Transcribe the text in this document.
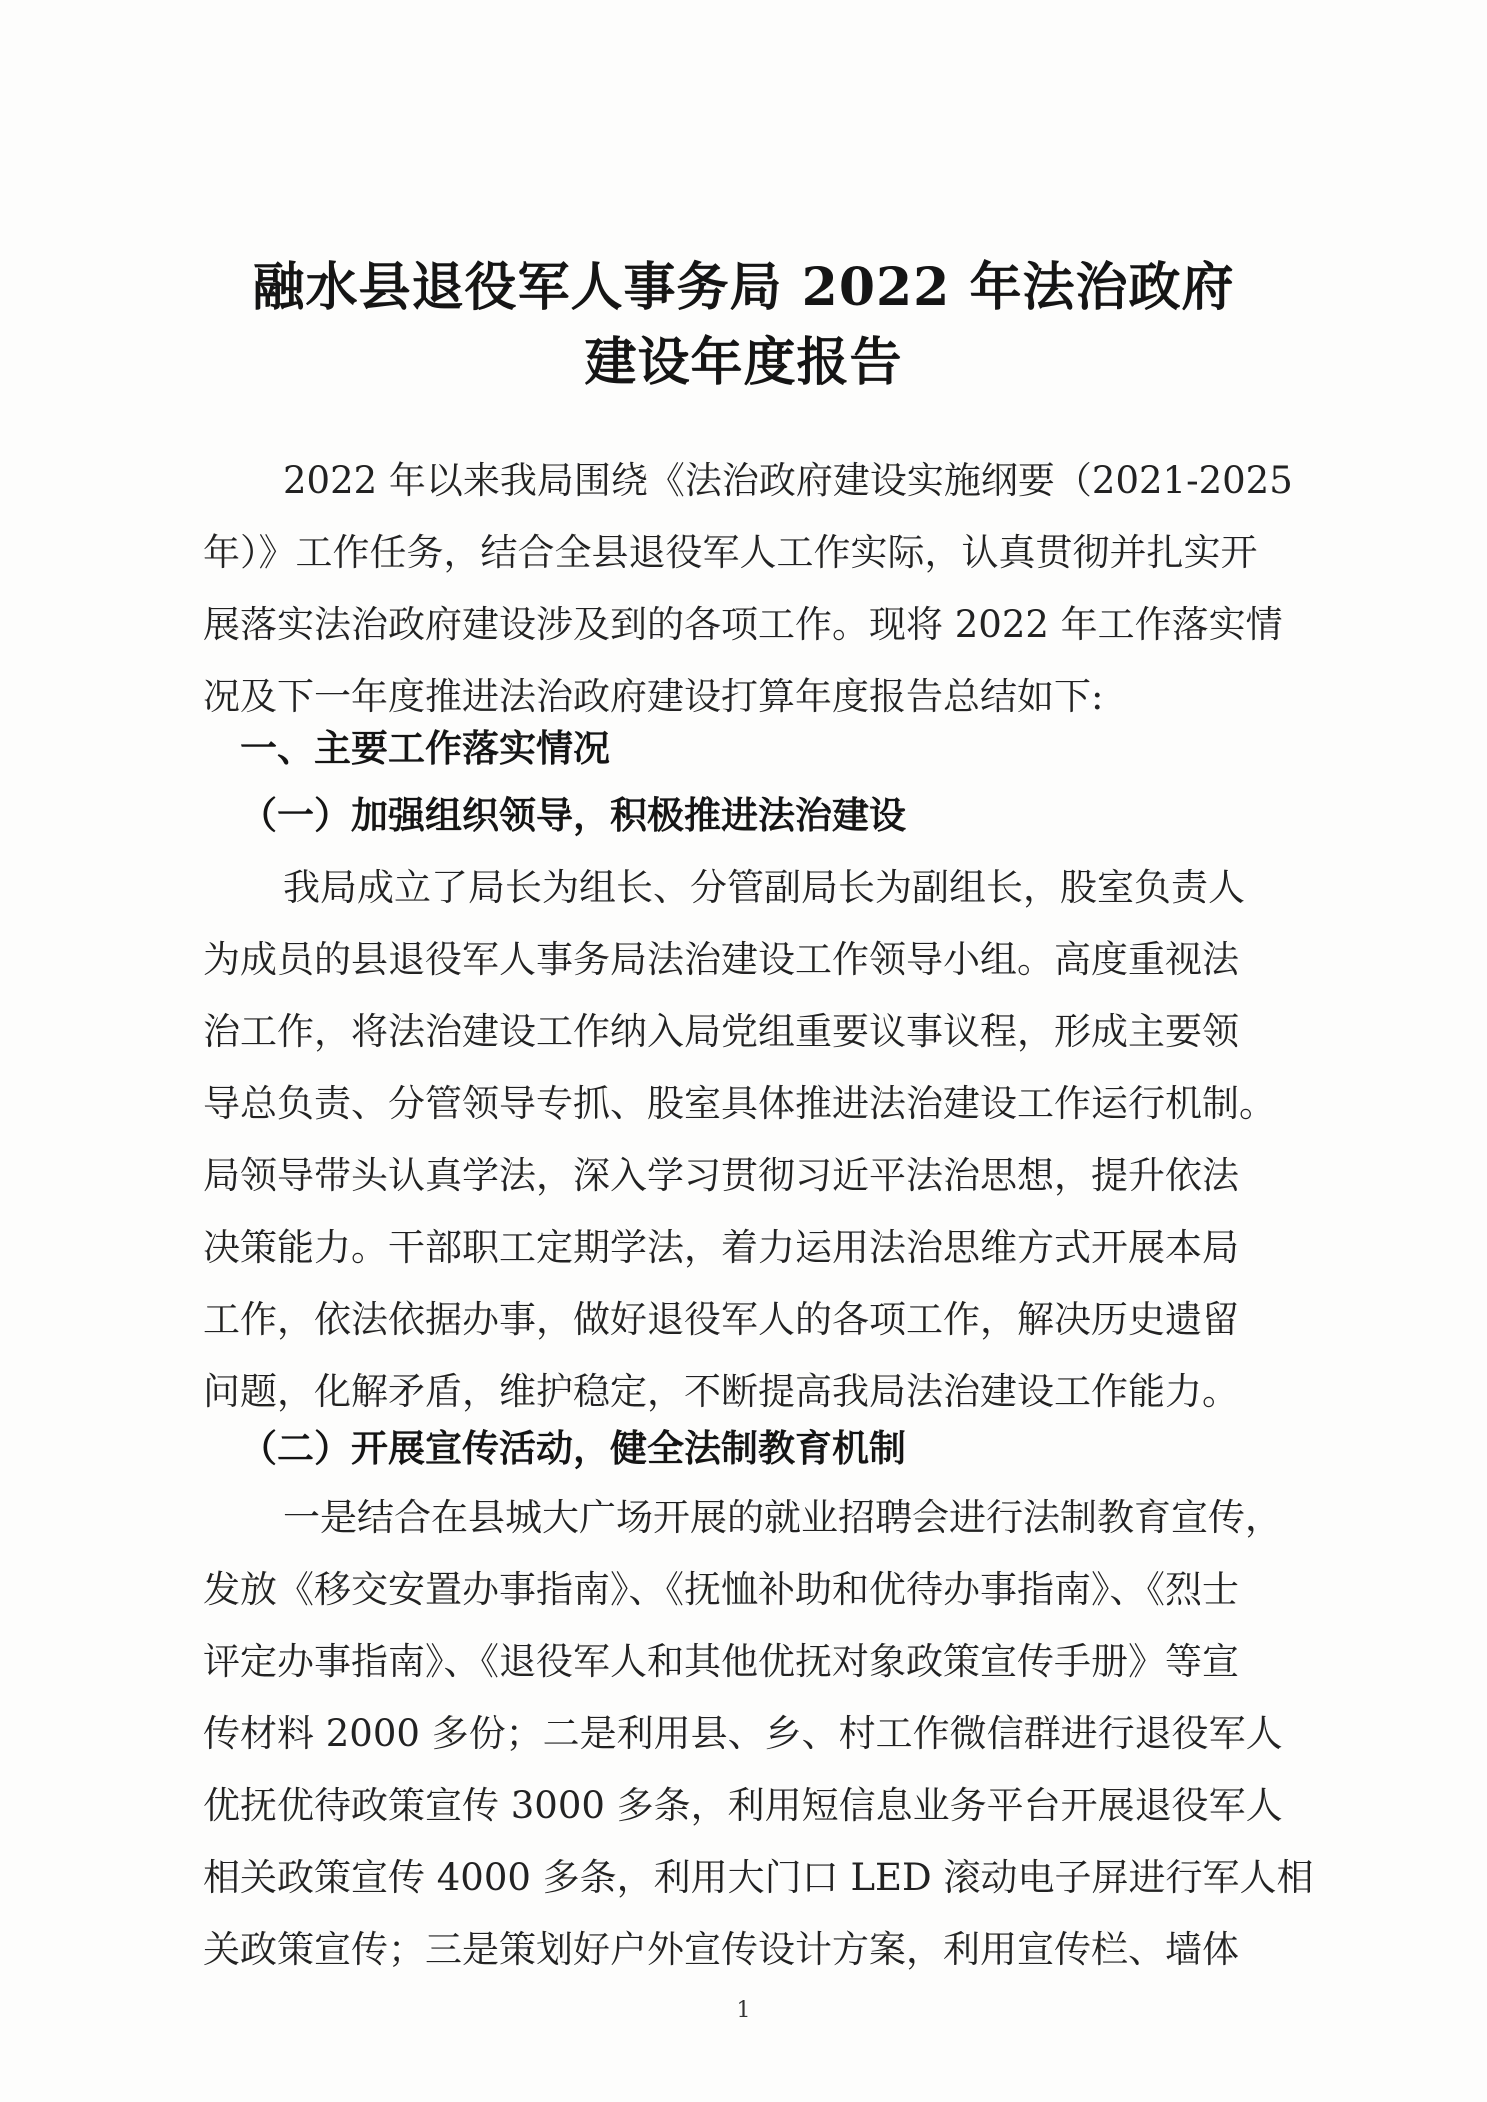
融水县退役军人事务局 2022 年法治政府
建设年度报告
2022 年以来我局围绕《法治政府建设实施纲要（2021-2025
年）》工作任务，结合全县退役军人工作实际，认真贯彻并扎实开
展落实法治政府建设涉及到的各项工作。现将 2022 年工作落实情
况及下一年度推进法治政府建设打算年度报告总结如下:
一、主要工作落实情况
（一）加强组织领导，积极推进法治建设
我局成立了局长为组长、分管副局长为副组长，股室负责人
为成员的县退役军人事务局法治建设工作领导小组。高度重视法
治工作，将法治建设工作纳入局党组重要议事议程，形成主要领
导总负责、分管领导专抓、股室具体推进法治建设工作运行机制。
局领导带头认真学法，深入学习贯彻习近平法治思想，提升依法
决策能力。干部职工定期学法，着力运用法治思维方式开展本局
工作，依法依据办事，做好退役军人的各项工作，解决历史遗留
问题，化解矛盾，维护稳定，不断提高我局法治建设工作能力。
（二）开展宣传活动，健全法制教育机制
一是结合在县城大广场开展的就业招聘会进行法制教育宣传，
发放《移交安置办事指南》、《抚恤补助和优待办事指南》、《烈士
评定办事指南》、《退役军人和其他优抚对象政策宣传手册》等宣
传材料 2000 多份；二是利用县、乡、村工作微信群进行退役军人
优抚优待政策宣传 3000 多条，利用短信息业务平台开展退役军人
相关政策宣传 4000 多条，利用大门口 LED 滚动电子屏进行军人相
关政策宣传；三是策划好户外宣传设计方案，利用宣传栏、墙体
1
